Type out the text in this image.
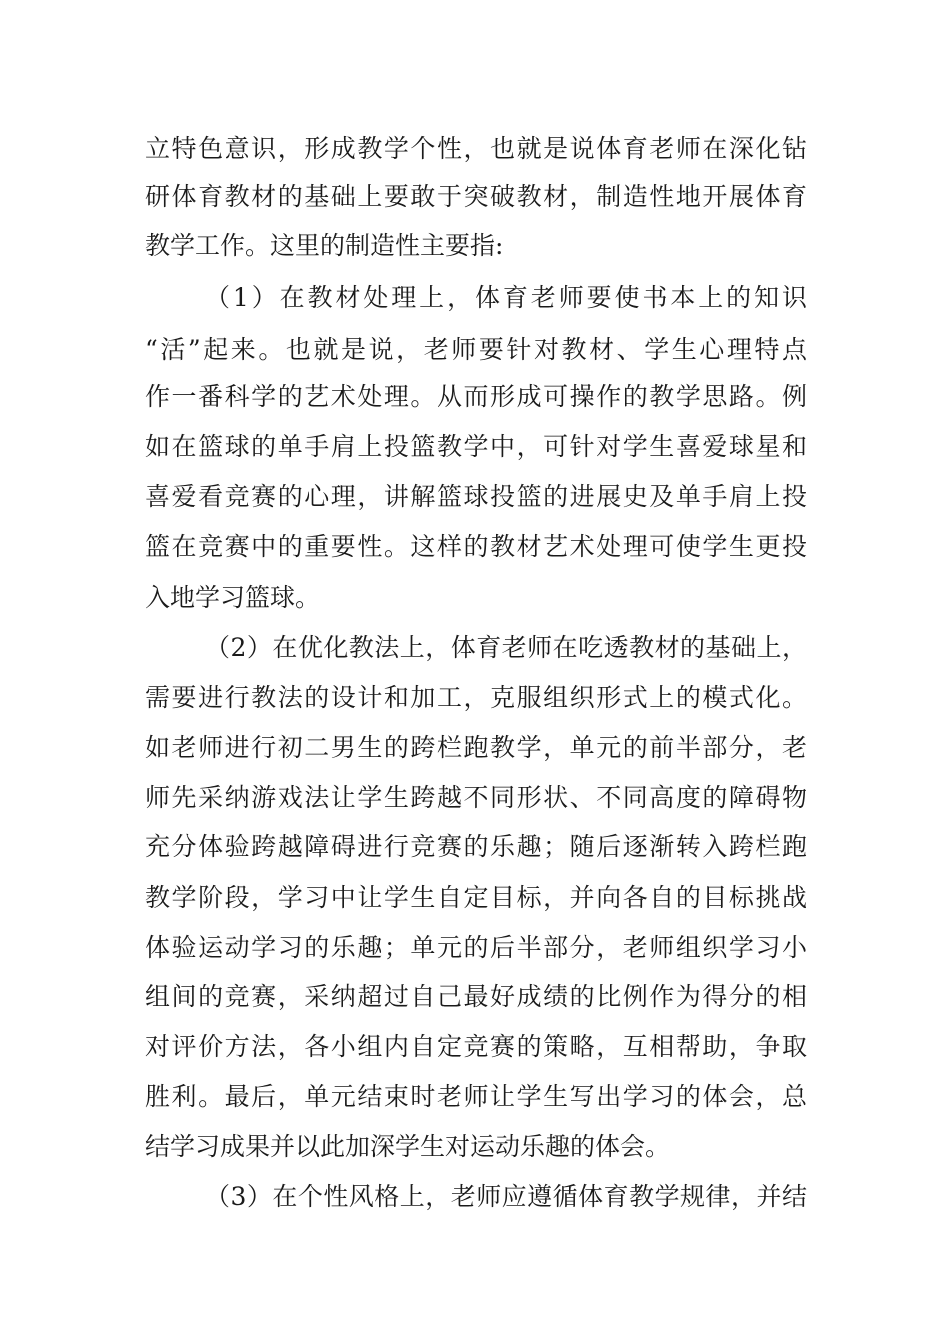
立特色意识，形成教学个性，也就是说体育老师在深化钻
研体育教材的基础上要敢于突破教材，制造性地开展体育
教学工作。这里的制造性主要指:
（1）在教材处理上，体育老师要使书本上的知识
“活”起来。也就是说，老师要针对教材、学生心理特点
作一番科学的艺术处理。从而形成可操作的教学思路。例
如在篮球的单手肩上投篮教学中，可针对学生喜爱球星和
喜爱看竞赛的心理，讲解篮球投篮的进展史及单手肩上投
篮在竞赛中的重要性。这样的教材艺术处理可使学生更投
入地学习篮球。
（2）在优化教法上，体育老师在吃透教材的基础上，
需要进行教法的设计和加工，克服组织形式上的模式化。
如老师进行初二男生的跨栏跑教学，单元的前半部分，老
师先采纳游戏法让学生跨越不同形状、不同高度的障碍物
充分体验跨越障碍进行竞赛的乐趣；随后逐渐转入跨栏跑
教学阶段，学习中让学生自定目标，并向各自的目标挑战
体验运动学习的乐趣；单元的后半部分，老师组织学习小
组间的竞赛，采纳超过自己最好成绩的比例作为得分的相
对评价方法，各小组内自定竞赛的策略，互相帮助，争取
胜利。最后，单元结束时老师让学生写出学习的体会，总
结学习成果并以此加深学生对运动乐趣的体会。
（3）在个性风格上，老师应遵循体育教学规律，并结
